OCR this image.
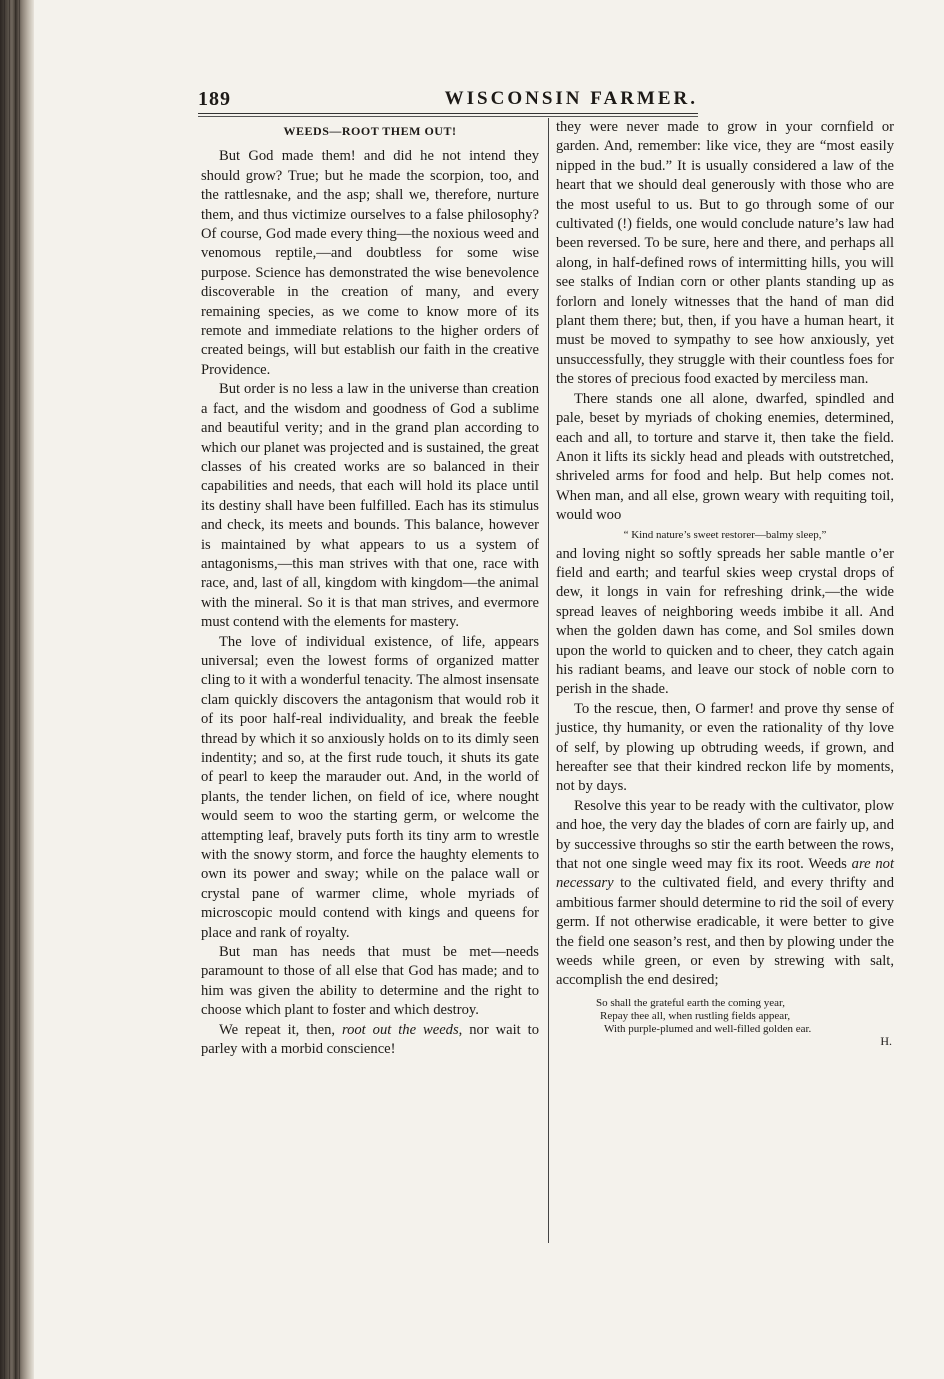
189	WISCONSIN FARMER.
WEEDS—ROOT THEM OUT!

But God made them! and did he not intend they should grow? True; but he made the scorpion, too, and the rattlesnake, and the asp; shall we, therefore, nurture them, and thus victimize ourselves to a false philosophy? Of course, God made every thing—the noxious weed and venomous reptile,—and doubtless for some wise purpose. Science has demonstrated the wise benevolence discoverable in the creation of many, and every remaining species, as we come to know more of its remote and immediate relations to the higher orders of created beings, will but establish our faith in the creative Providence.

But order is no less a law in the universe than creation a fact, and the wisdom and goodness of God a sublime and beautiful verity; and in the grand plan according to which our planet was projected and is sustained, the great classes of his created works are so balanced in their capabilities and needs, that each will hold its place until its destiny shall have been fulfilled. Each has its stimulus and check, its meets and bounds. This balance, however is maintained by what appears to us a system of antagonisms,—this man strives with that one, race with race, and, last of all, kingdom with kingdom—the animal with the mineral. So it is that man strives, and evermore must contend with the elements for mastery.

The love of individual existence, of life, appears universal; even the lowest forms of organized matter cling to it with a wonderful tenacity. The almost insensate clam quickly discovers the antagonism that would rob it of its poor half-real individuality, and break the feeble thread by which it so anxiously holds on to its dimly seen indentity; and so, at the first rude touch, it shuts its gate of pearl to keep the marauder out. And, in the world of plants, the tender lichen, on field of ice, where nought would seem to woo the starting germ, or welcome the attempting leaf, bravely puts forth its tiny arm to wrestle with the snowy storm, and force the haughty elements to own its power and sway; while on the palace wall or crystal pane of warmer clime, whole myriads of microscopic mould contend with kings and queens for place and rank of royalty.

But man has needs that must be met—needs paramount to those of all else that God has made; and to him was given the ability to determine and the right to choose which plant to foster and which destroy.

We repeat it, then, root out the weeds, nor wait to parley with a morbid conscience!

they were never made to grow in your cornfield or garden. And, remember: like vice, they are “most easily nipped in the bud.” It is usually considered a law of the heart that we should deal generously with those who are the most useful to us. But to go through some of our cultivated (!) fields, one would conclude nature’s law had been reversed. To be sure, here and there, and perhaps all along, in half-defined rows of intermitting hills, you will see stalks of Indian corn or other plants standing up as forlorn and lonely witnesses that the hand of man did plant them there; but, then, if you have a human heart, it must be moved to sympathy to see how anxiously, yet unsuccessfully, they struggle with their countless foes for the stores of precious food exacted by merciless man.

There stands one all alone, dwarfed, spindled and pale, beset by myriads of choking enemies, determined, each and all, to torture and starve it, then take the field. Anon it lifts its sickly head and pleads with outstretched, shriveled arms for food and help. But help comes not. When man, and all else, grown weary with requiting toil, would woo

“ Kind nature’s sweet restorer—balmy sleep,”

and loving night so softly spreads her sable mantle o’er field and earth; and tearful skies weep crystal drops of dew, it longs in vain for refreshing drink,—the wide spread leaves of neighboring weeds imbibe it all. And when the golden dawn has come, and Sol smiles down upon the world to quicken and to cheer, they catch again his radiant beams, and leave our stock of noble corn to perish in the shade.

To the rescue, then, O farmer! and prove thy sense of justice, thy humanity, or even the rationality of thy love of self, by plowing up obtruding weeds, if grown, and hereafter see that their kindred reckon life by moments, not by days.

Resolve this year to be ready with the cultivator, plow and hoe, the very day the blades of corn are fairly up, and by successive throughs so stir the earth between the rows, that not one single weed may fix its root. Weeds are not necessary to the cultivated field, and every thrifty and ambitious farmer should determine to rid the soil of every germ. If not otherwise eradicable, it were better to give the field one season’s rest, and then by plowing under the weeds while green, or even by strewing with salt, accomplish the end desired;

So shall the grateful earth the coming year,
Repay thee all, when rustling fields appear,
With purple-plumed and well-filled golden ear.
H.
